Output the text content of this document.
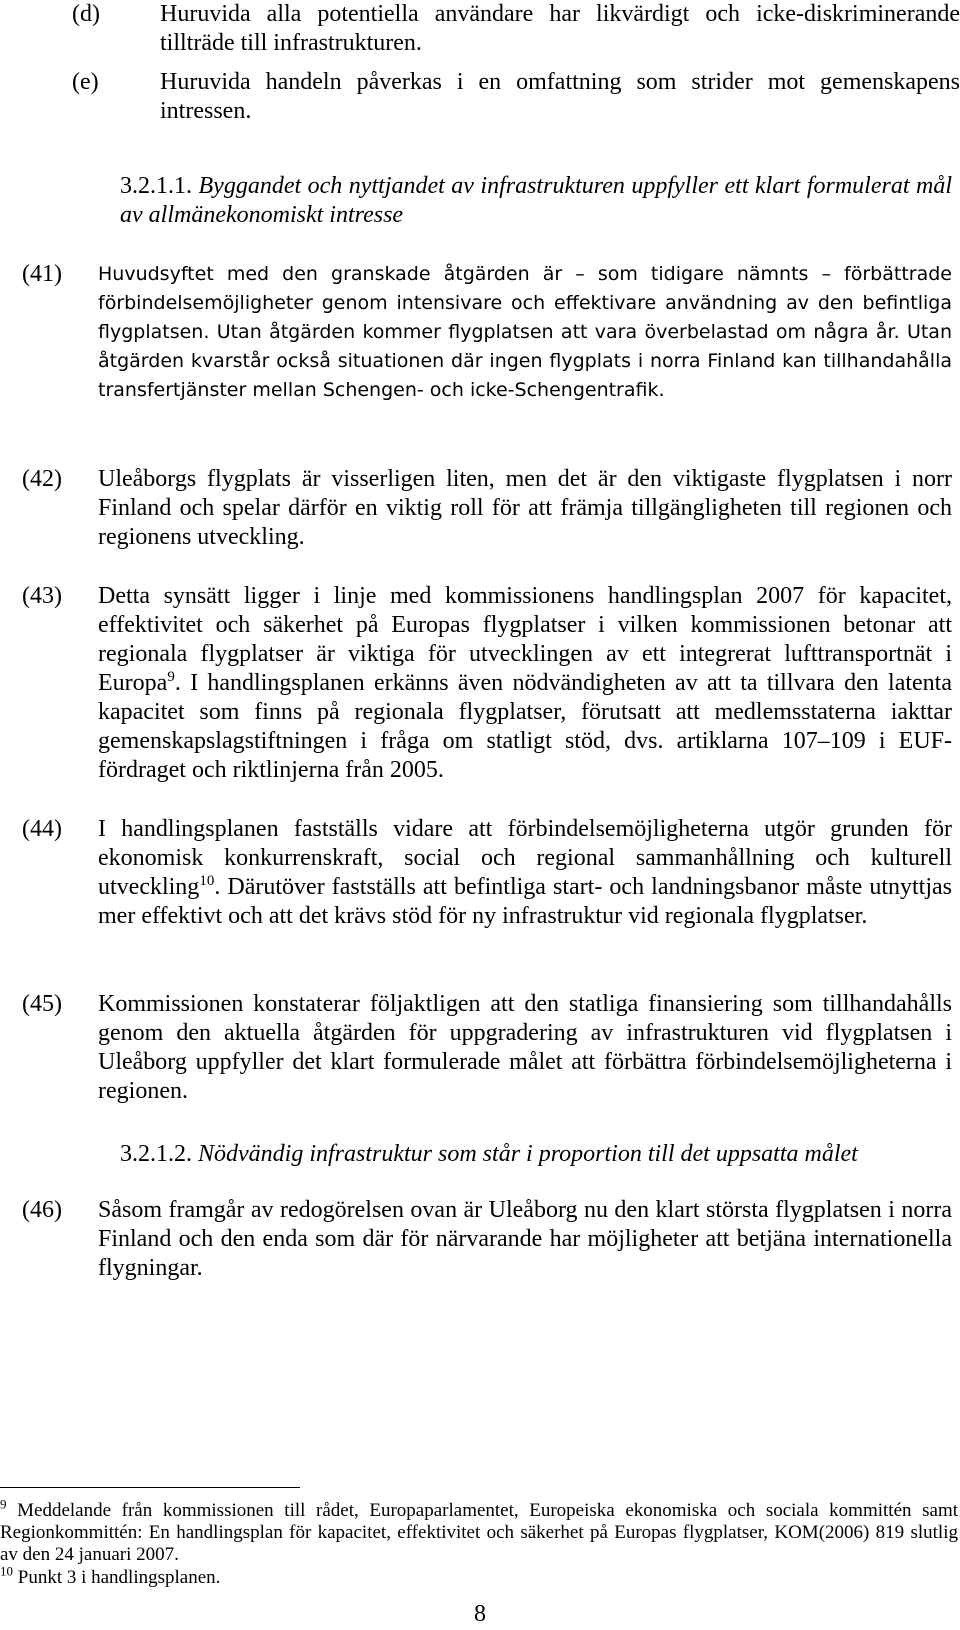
(d)	Huruvida alla potentiella användare har likvärdigt och icke-diskriminerande tillträde till infrastrukturen.
(e)	Huruvida handeln påverkas i en omfattning som strider mot gemenskapens intressen.
3.2.1.1. Byggandet och nyttjandet av infrastrukturen uppfyller ett klart formulerat mål av allmänekonomiskt intresse
(41) Huvudsyftet med den granskade åtgärden är – som tidigare nämnts – förbättrade förbindelsemöjligheter genom intensivare och effektivare användning av den befintliga flygplatsen. Utan åtgärden kommer flygplatsen att vara överbelastad om några år. Utan åtgärden kvarstår också situationen där ingen flygplats i norra Finland kan tillhandahålla transfertjänster mellan Schengen- och icke-Schengentrafik.
(42) Uleåborgs flygplats är visserligen liten, men det är den viktigaste flygplatsen i norr Finland och spelar därför en viktig roll för att främja tillgängligheten till regionen och regionens utveckling.
(43) Detta synsätt ligger i linje med kommissionens handlingsplan 2007 för kapacitet, effektivitet och säkerhet på Europas flygplatser i vilken kommissionen betonar att regionala flygplatser är viktiga för utvecklingen av ett integrerat lufttransportnät i Europa$^9$. I handlingsplanen erkänns även nödvändigheten av att ta tillvara den latenta kapacitet som finns på regionala flygplatser, förutsatt att medlemsstaterna iakttar gemenskapslagstiftningen i fråga om statligt stöd, dvs. artiklarna 107–109 i EUF-fördraget och riktlinjerna från 2005.
(44) I handlingsplanen fastställs vidare att förbindelsemöjligheterna utgör grunden för ekonomisk konkurrenskraft, social och regional sammanhållning och kulturell utveckling$^{10}$. Därutöver fastställs att befintliga start- och landningsbanor måste utnyttjas mer effektivt och att det krävs stöd för ny infrastruktur vid regionala flygplatser.
(45) Kommissionen konstaterar följaktligen att den statliga finansiering som tillhandahålls genom den aktuella åtgärden för uppgradering av infrastrukturen vid flygplatsen i Uleåborg uppfyller det klart formulerade målet att förbättra förbindelsemöjligheterna i regionen.
3.2.1.2. Nödvändig infrastruktur som står i proportion till det uppsatta målet
(46) Såsom framgår av redogörelsen ovan är Uleåborg nu den klart största flygplatsen i norra Finland och den enda som där för närvarande har möjligheter att betjäna internationella flygningar.
$^9$ Meddelande från kommissionen till rådet, Europaparlamentet, Europeiska ekonomiska och sociala kommittén samt Regionkommittén: En handlingsplan för kapacitet, effektivitet och säkerhet på Europas flygplatser, KOM(2006) 819 slutlig av den 24 januari 2007.
$^{10}$ Punkt 3 i handlingsplanen.
8
